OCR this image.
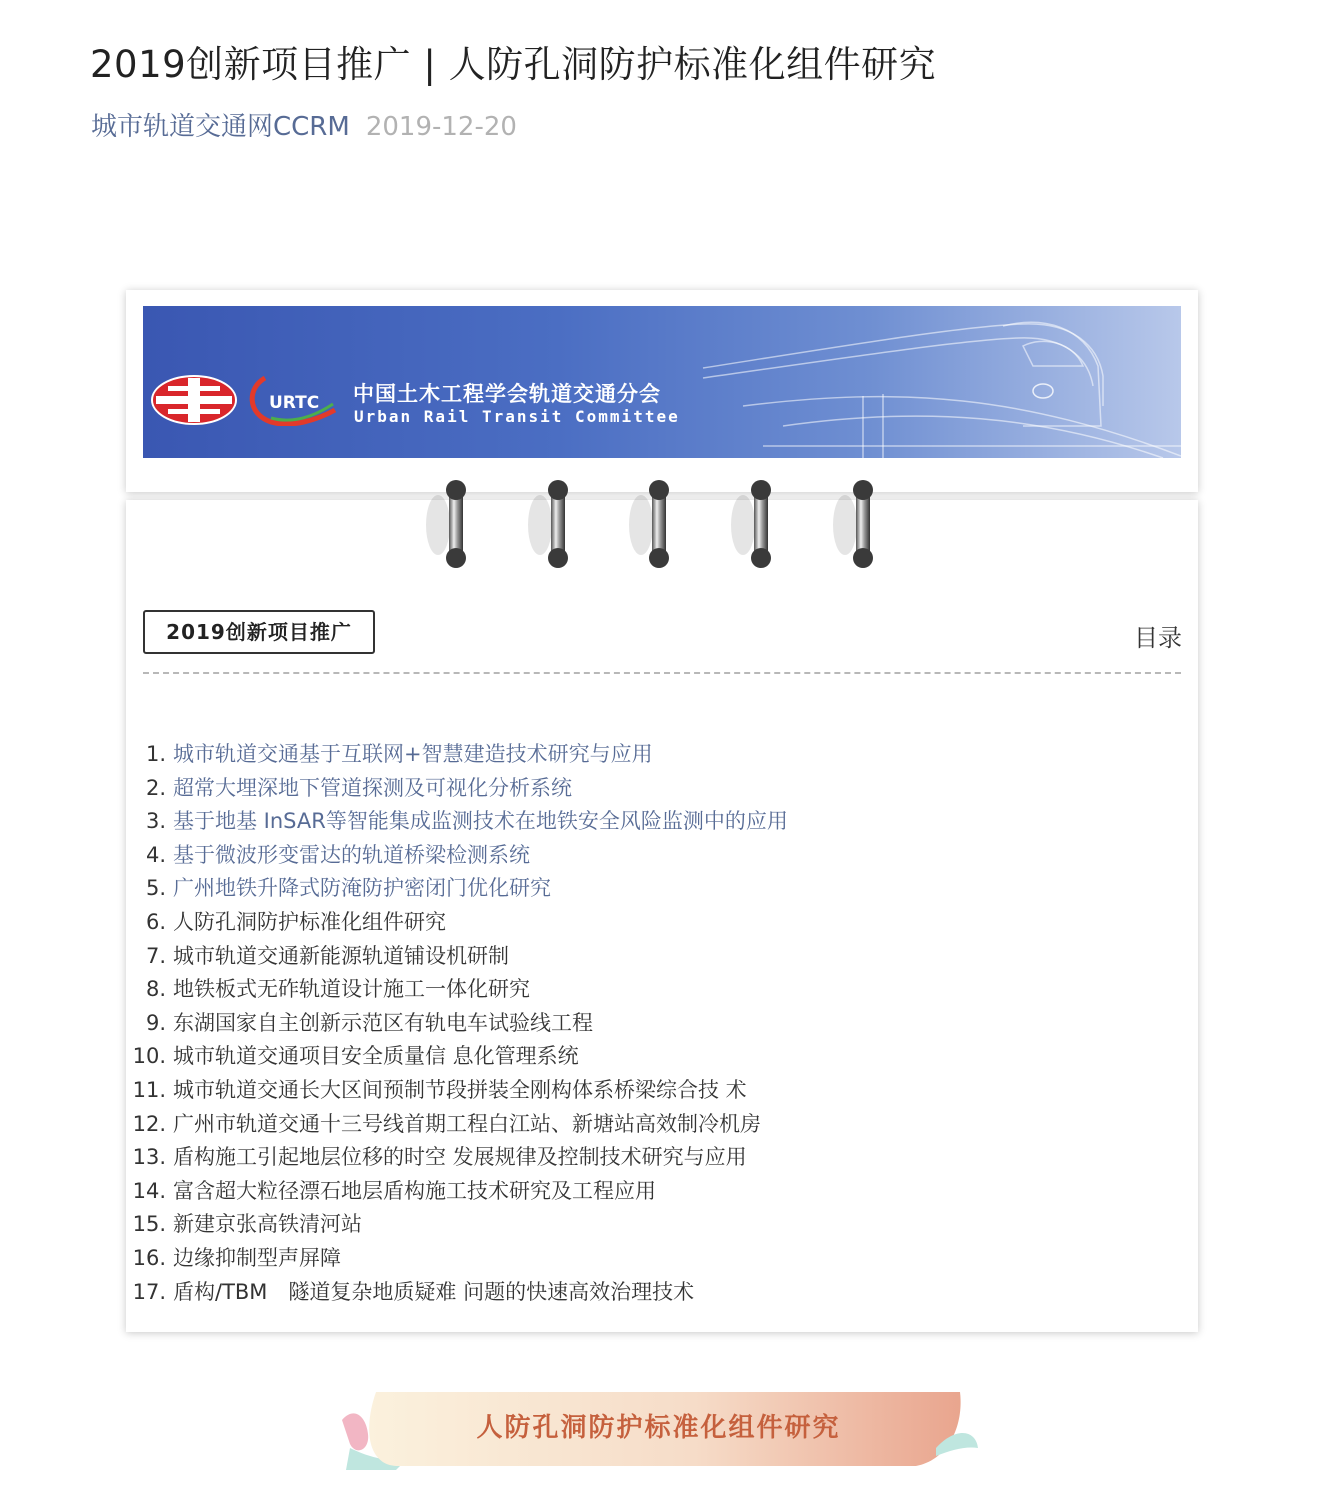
2019创新项目推广 | 人防孔洞防护标准化组件研究
城市轨道交通网CCRM 2019-12-20
URTC 中国土木工程学会轨道交通分会
Urban Rail Transit Committee
2019创新项目推广	目录
1. 城市轨道交通基于互联网+智慧建造技术研究与应用
2. 超常大埋深地下管道探测及可视化分析系统
3. 基于地基 InSAR等智能集成监测技术在地铁安全风险监测中的应用
4. 基于微波形变雷达的轨道桥梁检测系统
5. 广州地铁升降式防淹防护密闭门优化研究
6. 人防孔洞防护标准化组件研究
7. 城市轨道交通新能源轨道铺设机研制
8. 地铁板式无砟轨道设计施工一体化研究
9. 东湖国家自主创新示范区有轨电车试验线工程
10. 城市轨道交通项目安全质量信 息化管理系统
11. 城市轨道交通长大区间预制节段拼装全刚构体系桥梁综合技 术
12. 广州市轨道交通十三号线首期工程白江站、新塘站高效制冷机房
13. 盾构施工引起地层位移的时空 发展规律及控制技术研究与应用
14. 富含超大粒径漂石地层盾构施工技术研究及工程应用
15. 新建京张高铁清河站
16. 边缘抑制型声屏障
17. 盾构/TBM　隧道复杂地质疑难 问题的快速高效治理技术
人防孔洞防护标准化组件研究
